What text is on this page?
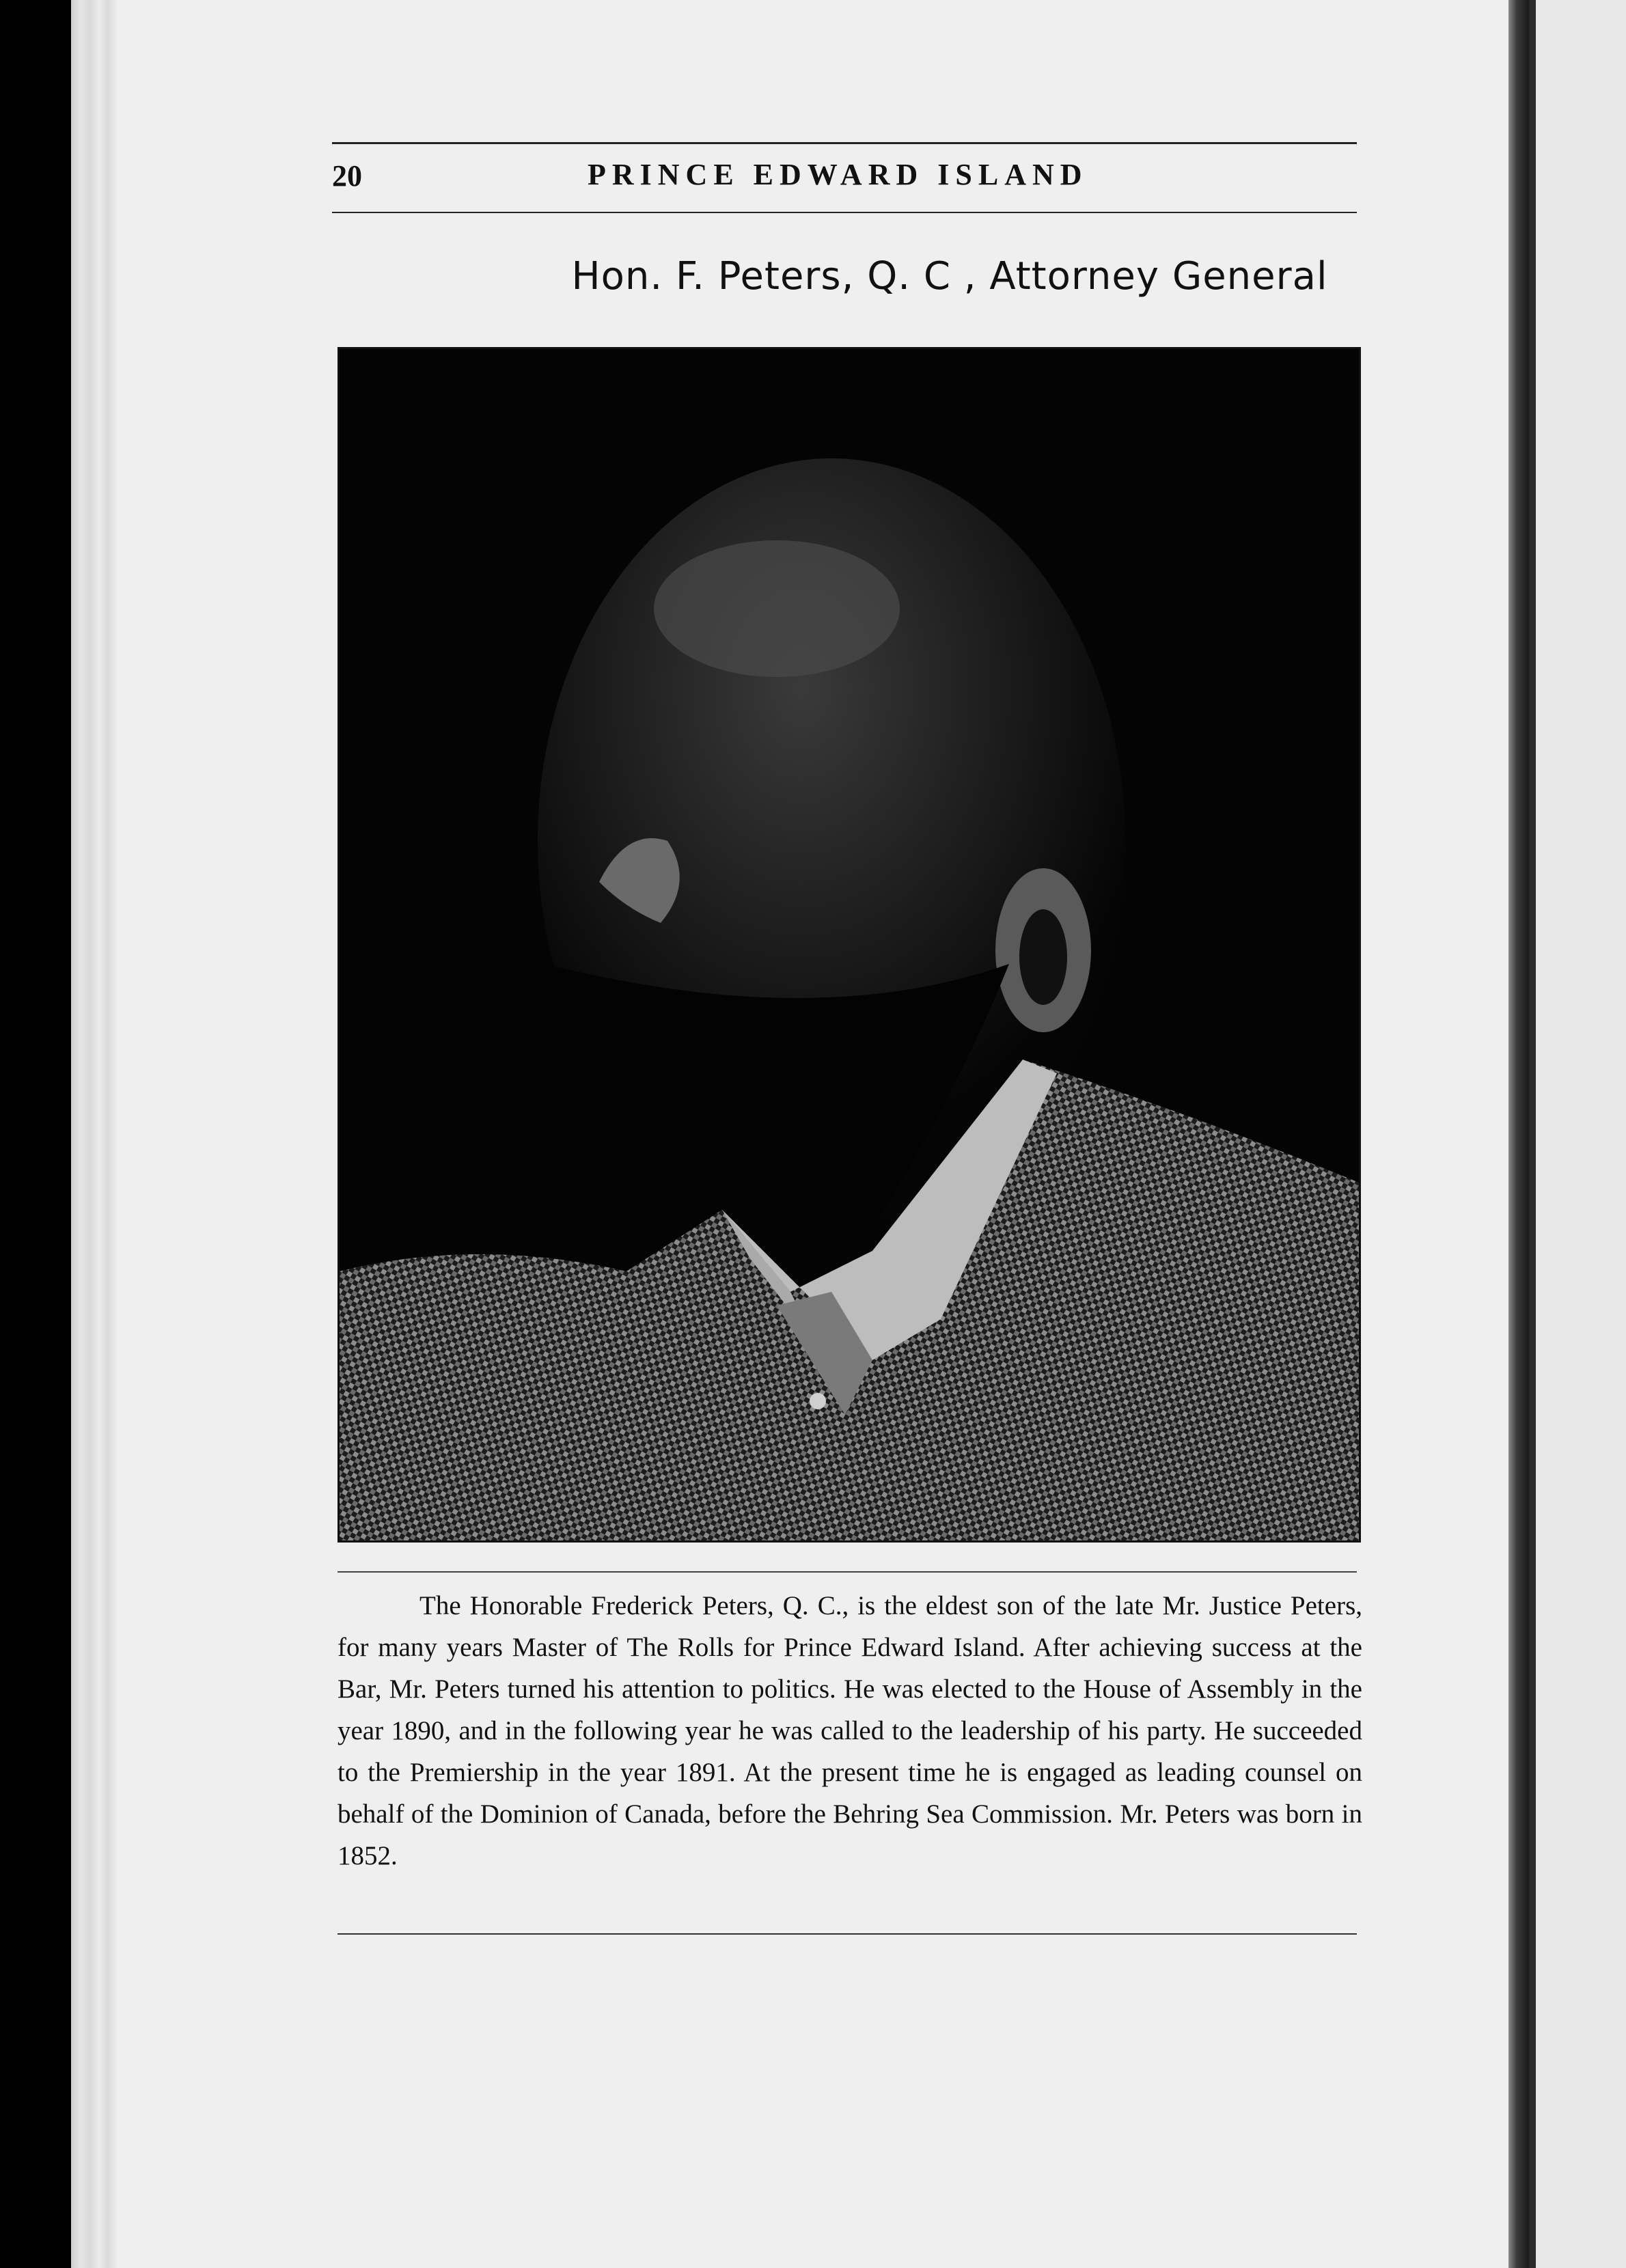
20	PRINCE EDWARD ISLAND
Hon. F. Peters, Q. C , Attorney General

The Honorable Frederick Peters, Q. C., is the eldest son of the late Mr. Justice Peters, for many years Master of The Rolls for Prince Edward Island. After achieving success at the Bar, Mr. Peters turned his attention to politics. He was elected to the House of Assembly in the year 1890, and in the following year he was called to the leadership of his party. He succeeded to the Premiership in the year 1891. At the present time he is engaged as leading counsel on behalf of the Dominion of Canada, before the Behring Sea Commission. Mr. Peters was born in 1852.
